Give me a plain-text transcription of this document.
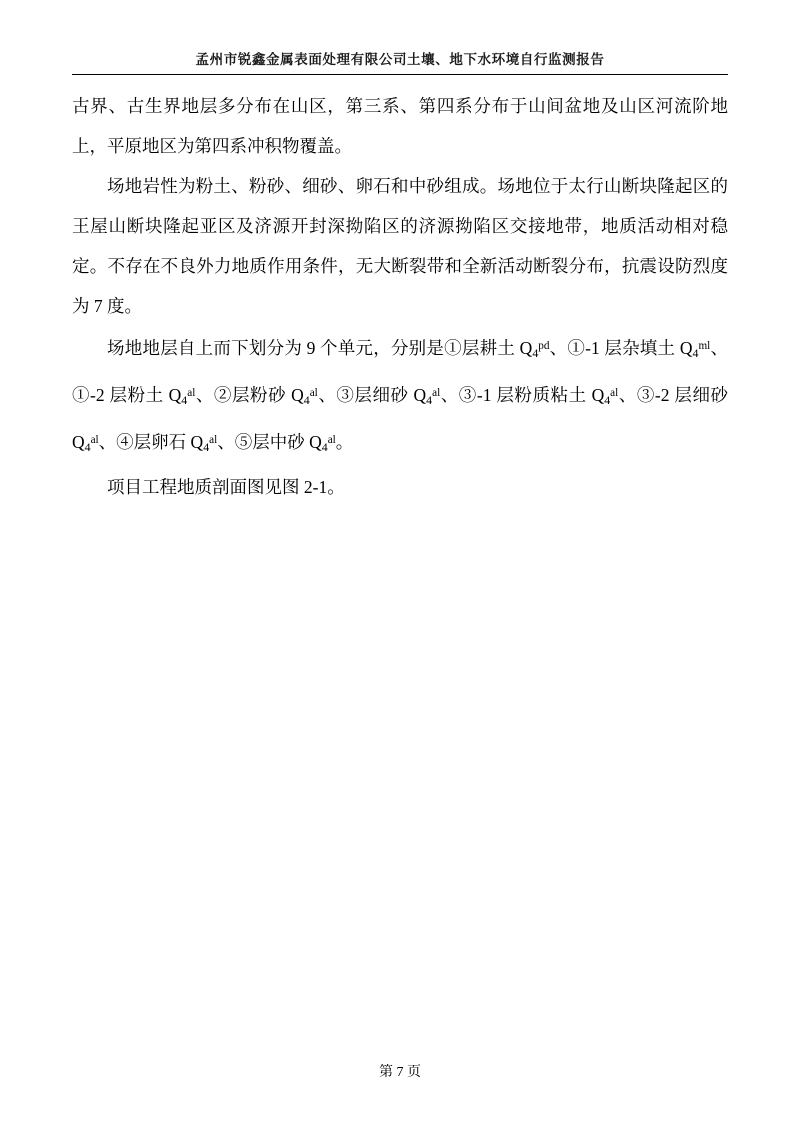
孟州市锐鑫金属表面处理有限公司土壤、地下水环境自行监测报告

古界、古生界地层多分布在山区，第三系、第四系分布于山间盆地及山区河流阶地上，平原地区为第四系冲积物覆盖。

场地岩性为粉土、粉砂、细砂、卵石和中砂组成。场地位于太行山断块隆起区的王屋山断块隆起亚区及济源开封深拗陷区的济源拗陷区交接地带，地质活动相对稳定。不存在不良外力地质作用条件，无大断裂带和全新活动断裂分布，抗震设防烈度为 7 度。

场地地层自上而下划分为 9 个单元，分别是①层耕土 $Q_4^{pd}$、①-1 层杂填土 $Q_4^{ml}$、①-2 层粉土 $Q_4^{al}$、②层粉砂 $Q_4^{al}$、③层细砂 $Q_4^{al}$、③-1 层粉质粘土 $Q_4^{al}$、③-2 层细砂 $Q_4^{al}$、④层卵石 $Q_4^{al}$、⑤层中砂 $Q_4^{al}$。

项目工程地质剖面图见图 2-1。

第 7 页
